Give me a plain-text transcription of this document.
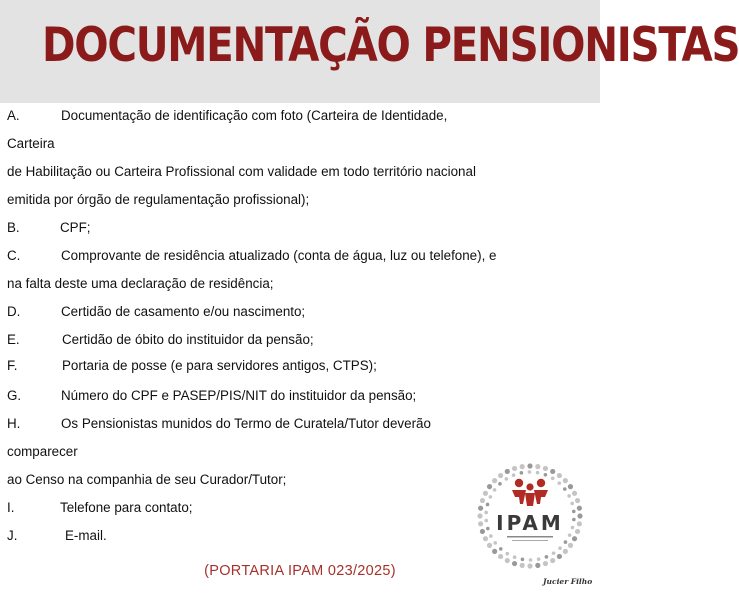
DOCUMENTAÇÃO PENSIONISTAS
A.	Documentação de identificação com foto (Carteira de Identidade,
Carteira
de Habilitação ou Carteira Profissional com validade em todo território nacional
emitida por órgão de regulamentação profissional);
B.	CPF;
C.	Comprovante de residência atualizado (conta de água, luz ou telefone), e
na falta deste uma declaração de residência;
D.	Certidão de casamento e/ou nascimento;
E.	Certidão de óbito do instituidor da pensão;
F.	Portaria de posse (e para servidores antigos, CTPS);
G.	Número do CPF e PASEP/PIS/NIT do instituidor da pensão;
H.	Os Pensionistas munidos do Termo de Curatela/Tutor deverão
comparecer
ao Censo na companhia de seu Curador/Tutor;
I.	Telefone para contato;
J.	E-mail.
(PORTARIA IPAM 023/2025)
IPAM
Jucier Filho
